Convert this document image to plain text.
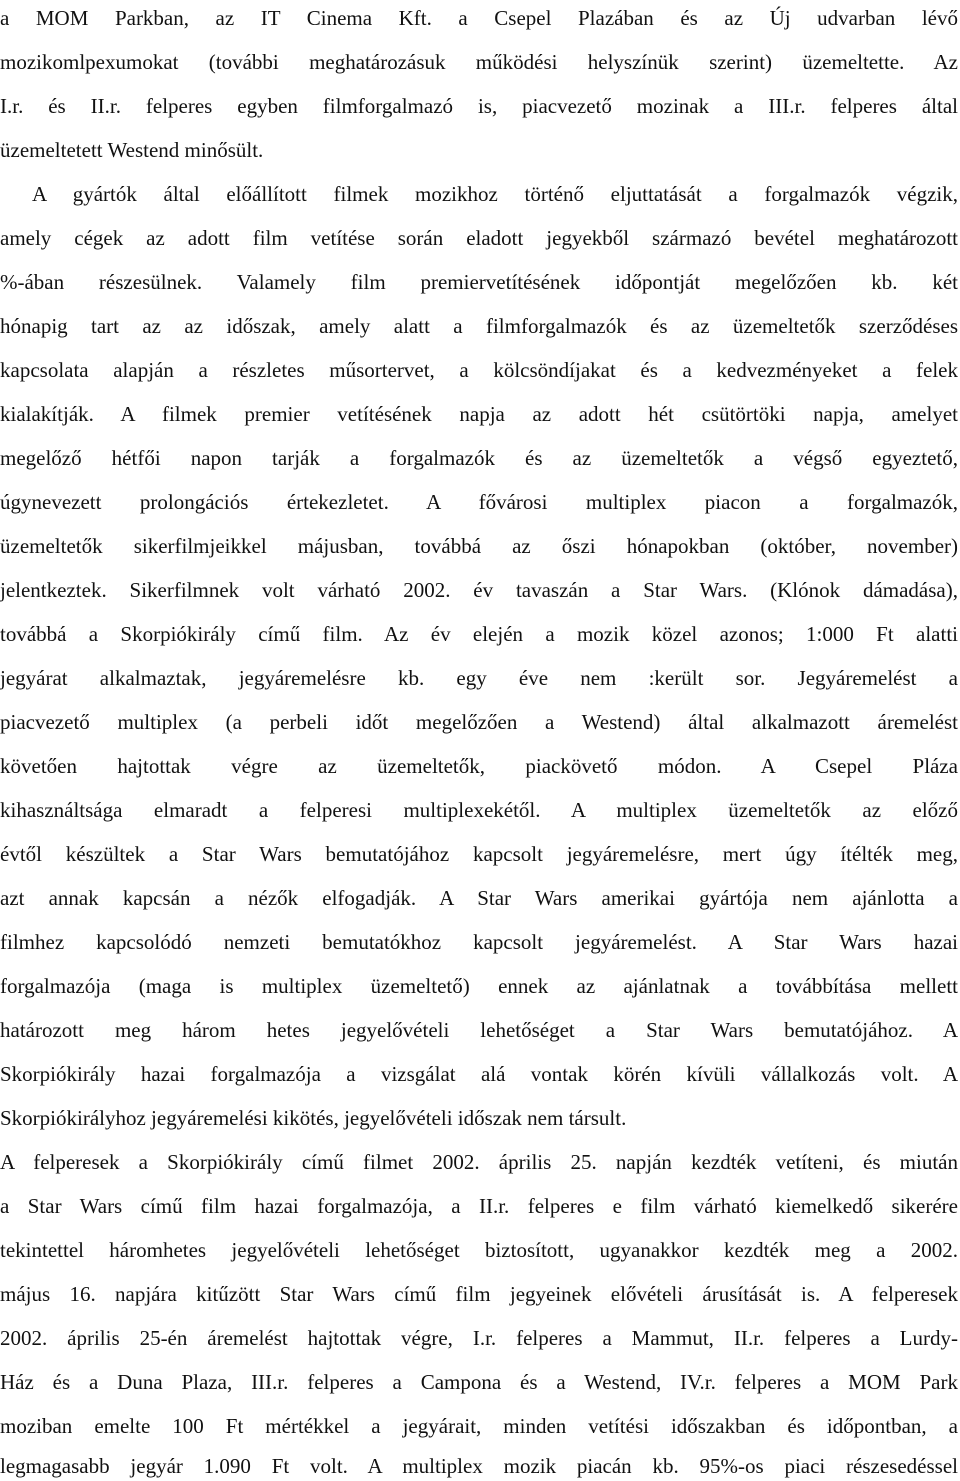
a MOM Parkban, az IT Cinema Kft. a Csepel Plazában és az Új udvarban lévő
mozikomlpexumokat (további meghatározásuk működési helyszínük szerint) üzemeltette. Az
I.r. és II.r. felperes egyben filmforgalmazó is, piacvezető mozinak a III.r. felperes által
üzemeltetett Westend minősült.
A gyártók által előállított filmek mozikhoz történő eljuttatását a forgalmazók végzik,
amely cégek az adott film vetítése során eladott jegyekből származó bevétel meghatározott
%-ában részesülnek. Valamely film premiervetítésének időpontját megelőzően kb. két
hónapig tart az az időszak, amely alatt a filmforgalmazók és az üzemeltetők szerződéses
kapcsolata alapján a részletes műsortervet, a kölcsöndíjakat és a kedvezményeket a felek
kialakítják. A filmek premier vetítésének napja az adott hét csütörtöki napja, amelyet
megelőző hétfői napon tarják a forgalmazók és az üzemeltetők a végső egyeztető,
úgynevezett prolongációs értekezletet. A fővárosi multiplex piacon a forgalmazók,
üzemeltetők sikerfilmjeikkel májusban, továbbá az őszi hónapokban (október, november)
jelentkeztek. Sikerfilmnek volt várható 2002. év tavaszán a Star Wars. (Klónok dámadása),
továbbá a Skorpiókirály című film. Az év elején a mozik közel azonos; 1:000 Ft alatti
jegyárat alkalmaztak, jegyáremelésre kb. egy éve nem :került sor. Jegyáremelést a
piacvezető multiplex (a perbeli időt megelőzően a Westend) által alkalmazott áremelést
követően hajtottak végre az üzemeltetők, piackövető módon. A Csepel Pláza
kihasználtsága elmaradt a felperesi multiplexekétől. A multiplex üzemeltetők az előző
évtől készültek a Star Wars bemutatójához kapcsolt jegyáremelésre, mert úgy ítélték meg,
azt annak kapcsán a nézők elfogadják. A Star Wars amerikai gyártója nem ajánlotta a
filmhez kapcsolódó nemzeti bemutatókhoz kapcsolt jegyáremelést. A Star Wars hazai
forgalmazója (maga is multiplex üzemeltető) ennek az ajánlatnak a továbbítása mellett
határozott meg három hetes jegyelővételi lehetőséget a Star Wars bemutatójához. A
Skorpiókirály hazai forgalmazója a vizsgálat alá vontak körén kívüli vállalkozás volt. A
Skorpiókirályhoz jegyáremelési kikötés, jegyelővételi időszak nem társult.
A felperesek a Skorpiókirály című filmet 2002. április 25. napján kezdték vetíteni, és miután
a Star Wars című film hazai forgalmazója, a II.r. felperes e film várható kiemelkedő sikerére
tekintettel háromhetes jegyelővételi lehetőséget biztosított, ugyanakkor kezdték meg a 2002.
május 16. napjára kitűzött Star Wars című film jegyeinek elővételi árusítását is. A felperesek
2002. április 25-én áremelést hajtottak végre, I.r. felperes a Mammut, II.r. felperes a Lurdy-
Ház és a Duna Plaza, III.r. felperes a Campona és a Westend, IV.r. felperes a MOM Park
moziban emelte 100 Ft mértékkel a jegyárait, minden vetítési időszakban és időpontban, a
legmagasabb jegyár 1.090 Ft volt. A multiplex mozik piacán kb. 95%-os piaci részesedéssel
